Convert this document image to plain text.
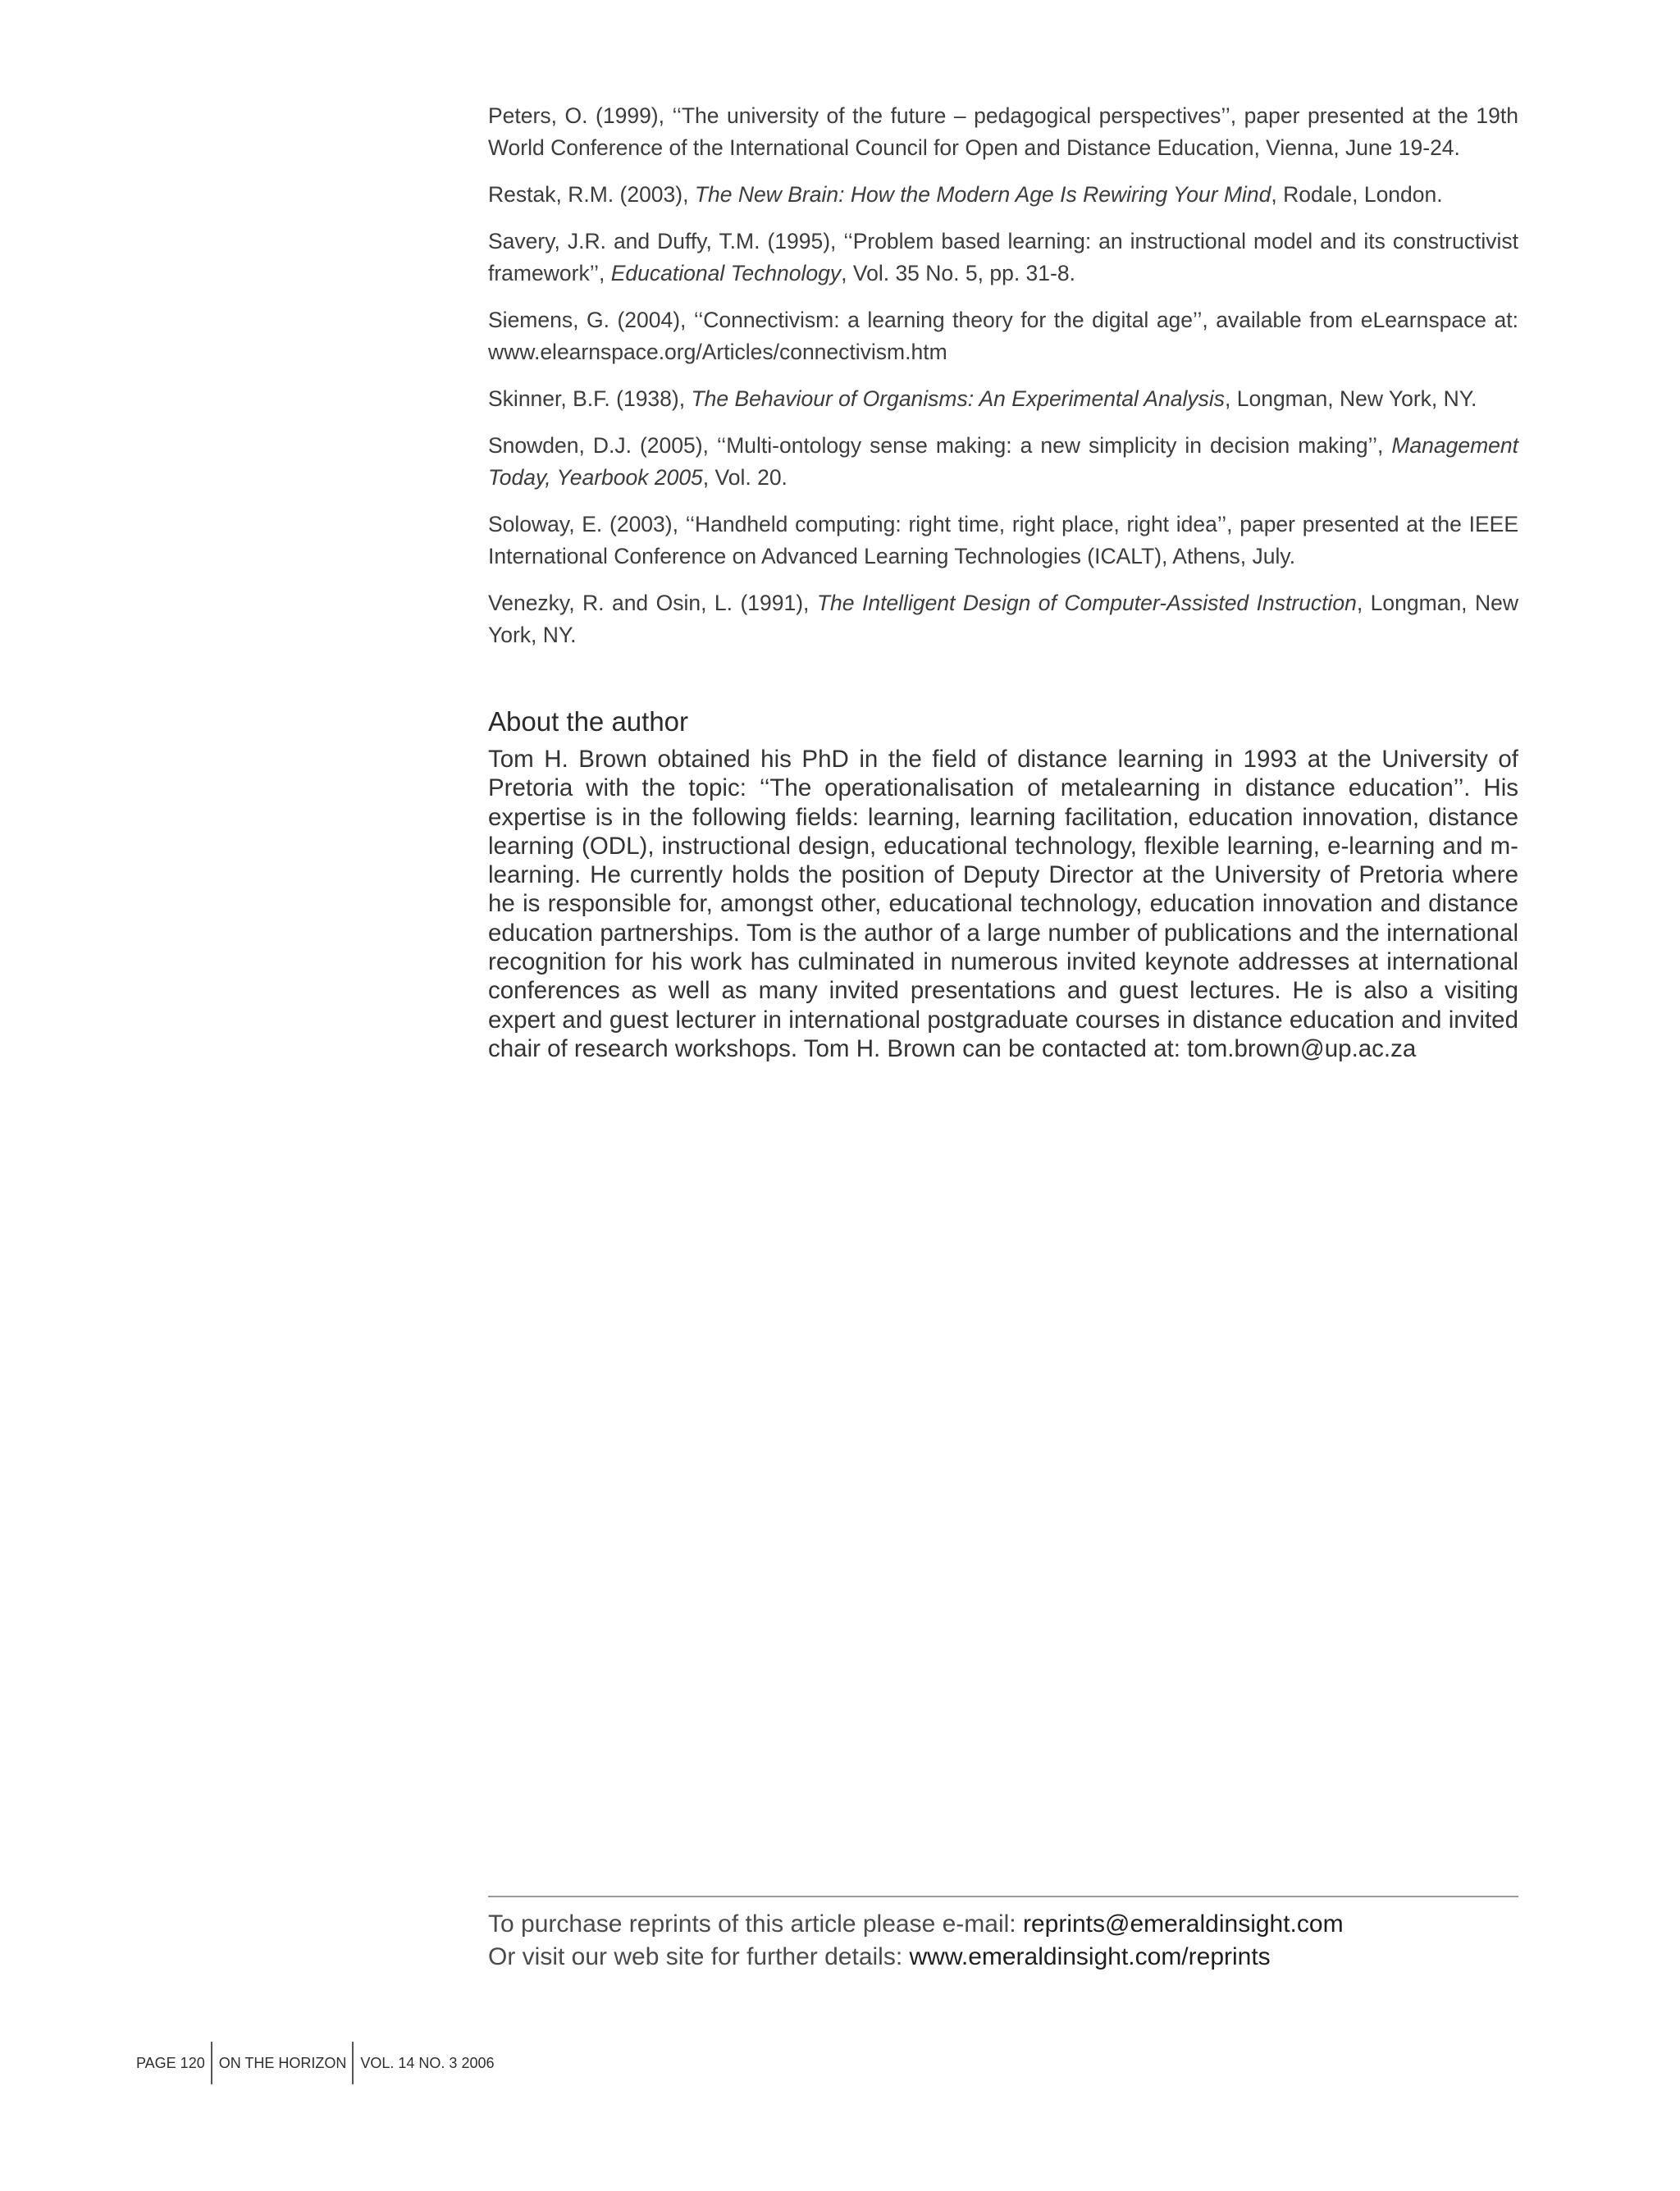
Peters, O. (1999), ‘‘The university of the future – pedagogical perspectives’’, paper presented at the 19th World Conference of the International Council for Open and Distance Education, Vienna, June 19-24.

Restak, R.M. (2003), The New Brain: How the Modern Age Is Rewiring Your Mind, Rodale, London.

Savery, J.R. and Duffy, T.M. (1995), ‘‘Problem based learning: an instructional model and its constructivist framework’’, Educational Technology, Vol. 35 No. 5, pp. 31-8.

Siemens, G. (2004), ‘‘Connectivism: a learning theory for the digital age’’, available from eLearnspace at: www.elearnspace.org/Articles/connectivism.htm

Skinner, B.F. (1938), The Behaviour of Organisms: An Experimental Analysis, Longman, New York, NY.

Snowden, D.J. (2005), ‘‘Multi-ontology sense making: a new simplicity in decision making’’, Management Today, Yearbook 2005, Vol. 20.

Soloway, E. (2003), ‘‘Handheld computing: right time, right place, right idea’’, paper presented at the IEEE International Conference on Advanced Learning Technologies (ICALT), Athens, July.

Venezky, R. and Osin, L. (1991), The Intelligent Design of Computer-Assisted Instruction, Longman, New York, NY.

About the author

Tom H. Brown obtained his PhD in the field of distance learning in 1993 at the University of Pretoria with the topic: ‘‘The operationalisation of metalearning in distance education’’. His expertise is in the following fields: learning, learning facilitation, education innovation, distance learning (ODL), instructional design, educational technology, flexible learning, e-learning and m-learning. He currently holds the position of Deputy Director at the University of Pretoria where he is responsible for, amongst other, educational technology, education innovation and distance education partnerships. Tom is the author of a large number of publications and the international recognition for his work has culminated in numerous invited keynote addresses at international conferences as well as many invited presentations and guest lectures. He is also a visiting expert and guest lecturer in international postgraduate courses in distance education and invited chair of research workshops. Tom H. Brown can be contacted at: tom.brown@up.ac.za

To purchase reprints of this article please e-mail: reprints@emeraldinsight.com
Or visit our web site for further details: www.emeraldinsight.com/reprints
PAGE 120 ON THE HORIZON VOL. 14 NO. 3 2006
